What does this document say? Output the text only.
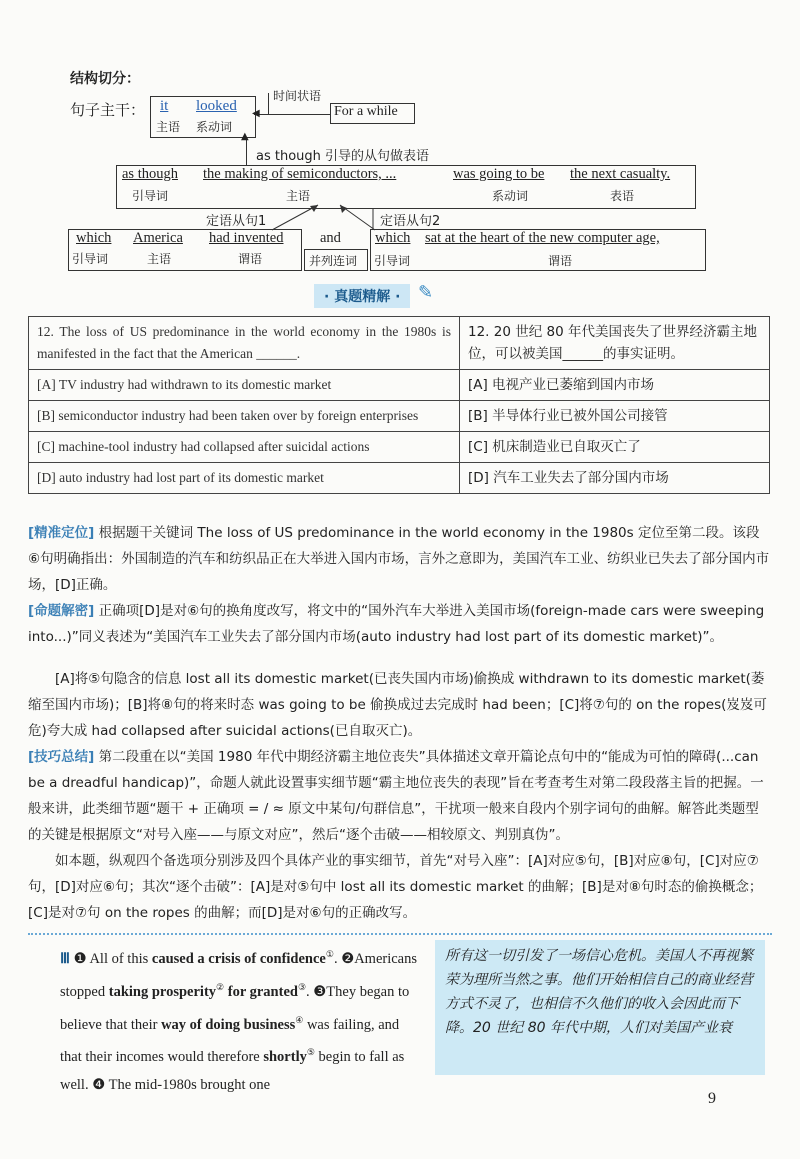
结构切分：
句子主干： it looked
主语 系动词
◀
时间状语
For a while
▲
as though 引导的从句做表语
as though the making of semiconductors, ...	was going to be the next casualty.
引导词	主语	系动词	表语
定语从句1	定语从句2
which America had invented
引导词	主语	谓语
and
并列连词
which sat at the heart of the new computer age,
引导词	谓语
· 真题精解 · ✎
12. The loss of US predominance in the world economy in the 1980s is manifested in the fact that the American ______.	12. 20 世纪 80 年代美国丧失了世界经济霸主地位，可以被美国______的事实证明。
[A] TV industry had withdrawn to its domestic market	[A] 电视产业已萎缩到国内市场
[B] semiconductor industry had been taken over by foreign enterprises	[B] 半导体行业已被外国公司接管
[C] machine-tool industry had collapsed after suicidal actions	[C] 机床制造业已自取灭亡了
[D] auto industry had lost part of its domestic market	[D] 汽车工业失去了部分国内市场
[精准定位] 根据题干关键词 The loss of US predominance in the world economy in the 1980s 定位至第二段。该段⑥句明确指出：外国制造的汽车和纺织品正在大举进入国内市场，言外之意即为，美国汽车工业、纺织业已失去了部分国内市场，[D]正确。
[命题解密] 正确项[D]是对⑥句的换角度改写，将文中的“国外汽车大举进入美国市场(foreign-made cars were sweeping into...)”同义表述为“美国汽车工业失去了部分国内市场(auto industry had lost part of its domestic market)”。
[A]将⑤句隐含的信息 lost all its domestic market(已丧失国内市场)偷换成 withdrawn to its domestic market(萎缩至国内市场)；[B]将⑧句的将来时态 was going to be 偷换成过去完成时 had been；[C]将⑦句的 on the ropes(岌岌可危)夸大成 had collapsed after suicidal actions(已自取灭亡)。
[技巧总结] 第二段重在以“美国 1980 年代中期经济霸主地位丧失”具体描述文章开篇论点句中的“能成为可怕的障碍(...can be a dreadful handicap)”，命题人就此设置事实细节题“霸主地位丧失的表现”旨在考查考生对第二段段落主旨的把握。一般来讲，此类细节题“题干 + 正确项 = / ≈ 原文中某句/句群信息”，干扰项一般来自段内个别字词句的曲解。解答此类题型的关键是根据原文“对号入座——与原文对应”，然后“逐个击破——相较原文、判别真伪”。
如本题，纵观四个备选项分别涉及四个具体产业的事实细节，首先“对号入座”：[A]对应⑤句，[B]对应⑧句，[C]对应⑦句，[D]对应⑥句；其次“逐个击破”：[A]是对⑤句中 lost all its domestic market 的曲解；[B]是对⑧句时态的偷换概念；[C]是对⑦句 on the ropes 的曲解；而[D]是对⑥句的正确改写。
Ⅲ ❶ All of this caused a crisis of confidence①. ❷Americans stopped taking prosperity② for granted③. ❸They began to believe that their way of doing business④ was failing, and that their incomes would therefore shortly⑤ begin to fall as well. ❹ The mid-1980s brought one
所有这一切引发了一场信心危机。美国人不再视繁荣为理所当然之事。他们开始相信自己的商业经营方式不灵了，也相信不久他们的收入会因此而下降。20 世纪 80 年代中期，人们对美国产业衰
9
